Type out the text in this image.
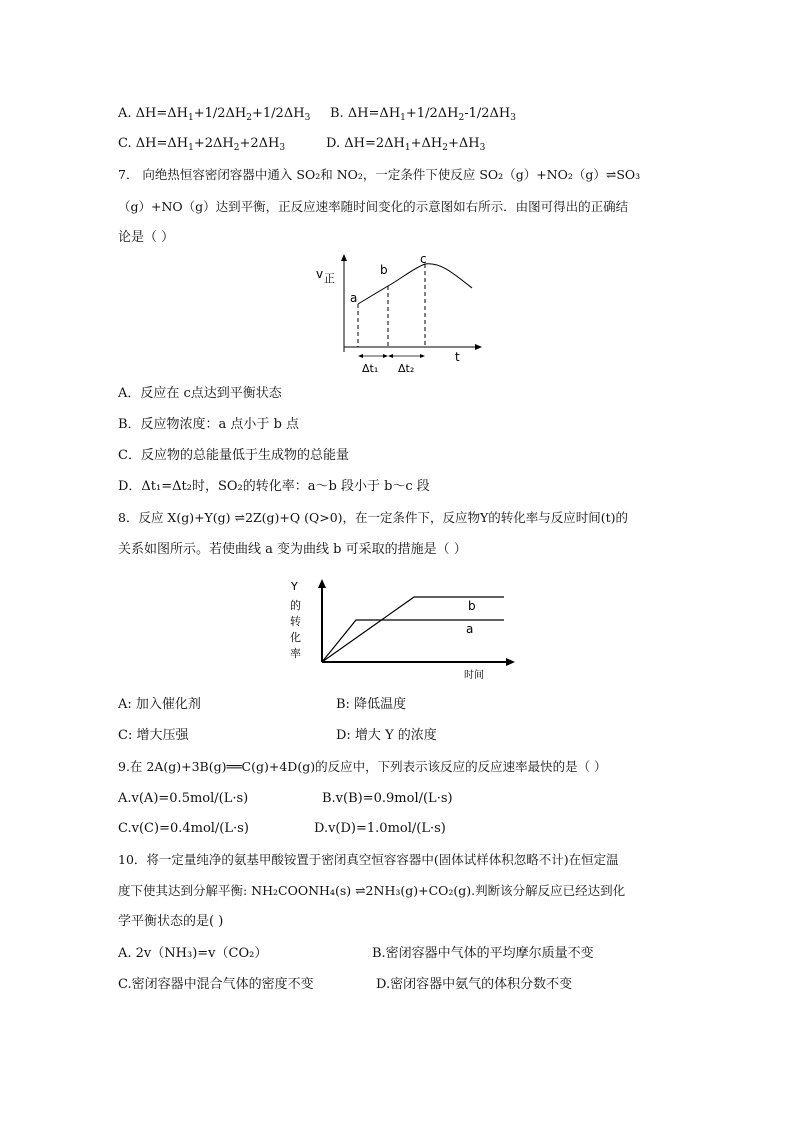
A. $\Delta H=\Delta H_1+1/2\Delta H_2+1/2\Delta H_3$ B. $\Delta H=\Delta H_1+1/2\Delta H_2-1/2\Delta H_3$
C. $\Delta H=\Delta H_1+2\Delta H_2+2\Delta H_3$	D. $\Delta H=2\Delta H_1+\Delta H_2+\Delta H_3$
7． 向绝热恒容密闭容器中通入 SO₂和 NO₂，一定条件下使反应 SO₂（g）+NO₂（g）⇌SO₃
（g）+NO（g）达到平衡，正反应速率随时间变化的示意图如右所示．由图可得出的正确结
论是（ ）
v 正
t
a
b
c
Δt₁ Δt₂
A．反应在 c点达到平衡状态
B．反应物浓度：a 点小于 b 点
C．反应物的总能量低于生成物的总能量
D．Δt₁=Δt₂时，SO₂的转化率：a～b 段小于 b～c 段
8．反应 X(g)+Y(g) ⇌2Z(g)+Q (Q>0)，在一定条件下，反应物Y的转化率与反应时间(t)的
关系如图所示。若使曲线 a 变为曲线 b 可采取的措施是（ ）
Y
的
转
化
率
b
a
时间
A: 加入催化剂	B: 降低温度
C: 增大压强	D: 增大 Y 的浓度
9.在 2A(g)+3B(g)══C(g)+4D(g)的反应中，下列表示该反应的反应速率最快的是（ ）
A.v(A)=0.5mol/(L·s)	B.v(B)=0.9mol/(L·s)
C.v(C)=0.4mol/(L·s)	D.v(D)=1.0mol/(L·s)
10．将一定量纯净的氨基甲酸铵置于密闭真空恒容容器中(固体试样体积忽略不计)在恒定温
度下使其达到分解平衡: NH₂COONH₄(s) ⇌2NH₃(g)+CO₂(g).判断该分解反应已经达到化
学平衡状态的是( )
A. 2v（NH₃)=v（CO₂）	B.密闭容器中气体的平均摩尔质量不变
C.密闭容器中混合气体的密度不变	D.密闭容器中氨气的体积分数不变
